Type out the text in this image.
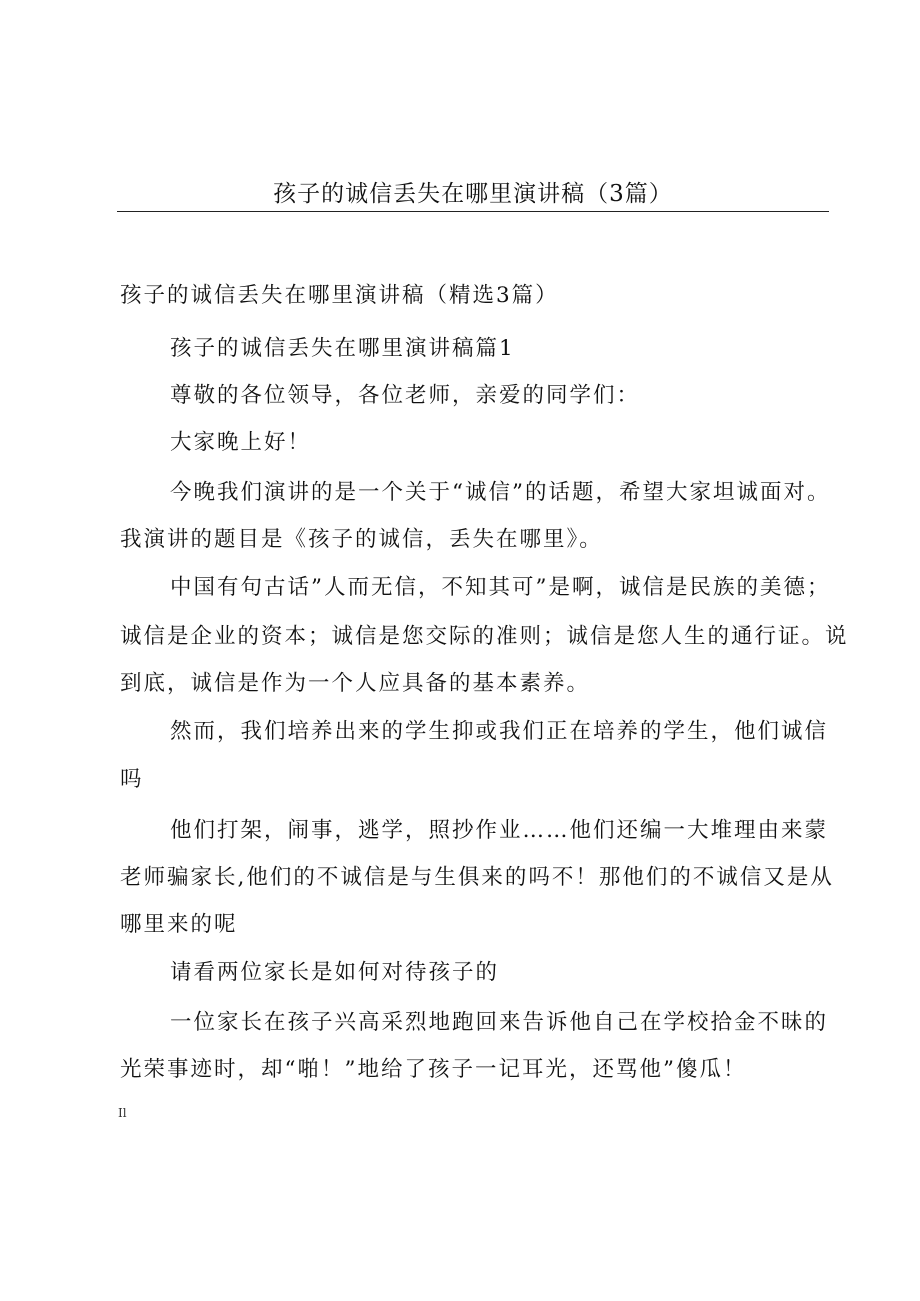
孩子的诚信丢失在哪里演讲稿（3篇）
孩子的诚信丢失在哪里演讲稿（精选3篇）
孩子的诚信丢失在哪里演讲稿篇1
尊敬的各位领导，各位老师，亲爱的同学们：
大家晚上好！
今晚我们演讲的是一个关于“诚信”的话题，希望大家坦诚面对。
我演讲的题目是《孩子的诚信，丢失在哪里》。
中国有句古话”人而无信，不知其可”是啊，诚信是民族的美德；
诚信是企业的资本；诚信是您交际的准则；诚信是您人生的通行证。说
到底，诚信是作为一个人应具备的基本素养。
然而，我们培养出来的学生抑或我们正在培养的学生，他们诚信
吗
他们打架，闹事，逃学，照抄作业……他们还编一大堆理由来蒙
老师骗家长,他们的不诚信是与生俱来的吗不！那他们的不诚信又是从
哪里来的呢
请看两位家长是如何对待孩子的
一位家长在孩子兴高采烈地跑回来告诉他自己在学校拾金不昧的
光荣事迹时，却“啪！”地给了孩子一记耳光，还骂他”傻瓜！
Il
